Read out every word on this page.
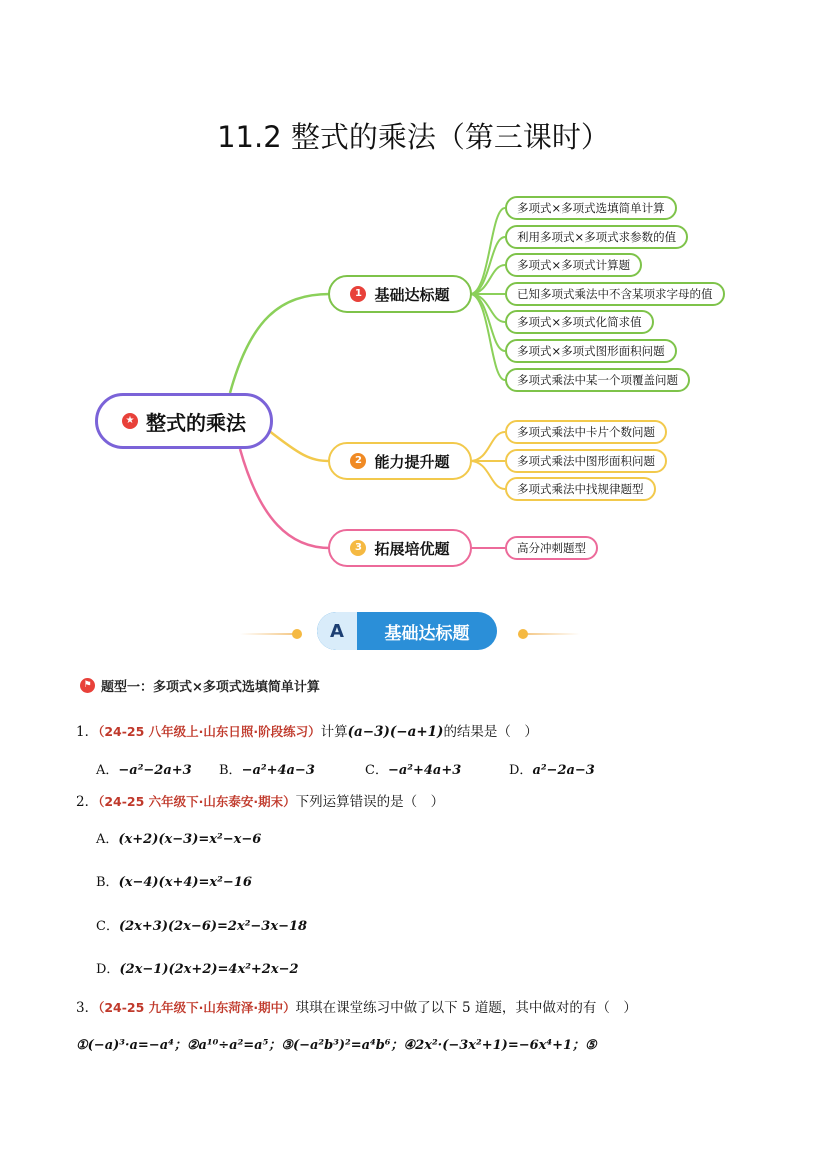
11.2 整式的乘法（第三课时）
★ 整式的乘法
1 基础达标题
2 能力提升题
3 拓展培优题
多项式×多项式选填简单计算
利用多项式×多项式求参数的值
多项式×多项式计算题
已知多项式乘法中不含某项求字母的值
多项式×多项式化简求值
多项式×多项式图形面积问题
多项式乘法中某一个项覆盖问题
多项式乘法中卡片个数问题
多项式乘法中图形面积问题
多项式乘法中找规律题型
高分冲刺题型
A	基础达标题
⚑ 题型一：多项式×多项式选填简单计算
1．（24-25 八年级上·山东日照·阶段练习）计算(a−3)(−a+1)的结果是（　）
A．−a²−2a+3 B．−a²+4a−3	C．−a²+4a+3	D．a²−2a−3
2．（24-25 六年级下·山东泰安·期末）下列运算错误的是（　）
A．(x+2)(x−3)=x²−x−6
B．(x−4)(x+4)=x²−16
C．(2x+3)(2x−6)=2x²−3x−18
D．(2x−1)(2x+2)=4x²+2x−2
3．（24-25 九年级下·山东菏泽·期中）琪琪在课堂练习中做了以下 5 道题，其中做对的有（　）
①(−a)³·a=−a⁴；②a¹⁰÷a²=a⁵；③(−a²b³)²=a⁴b⁶；④2x²·(−3x²+1)=−6x⁴+1；⑤
